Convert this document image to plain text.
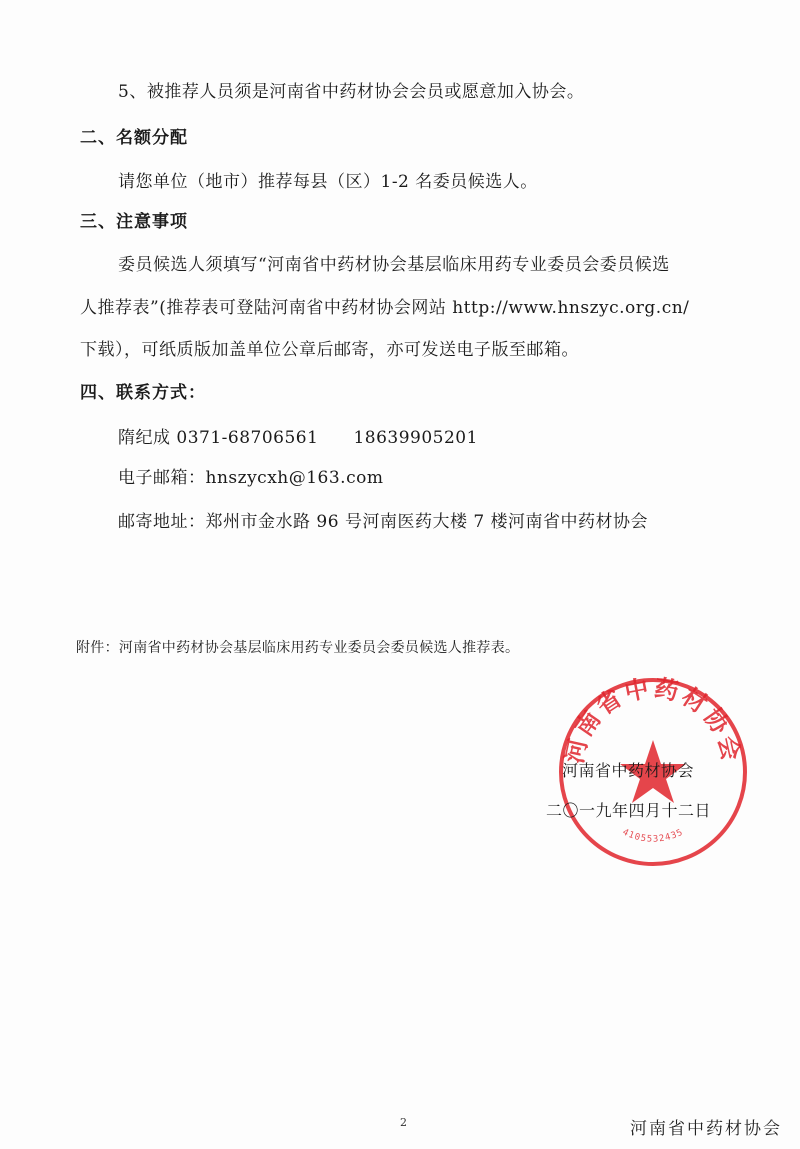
5、被推荐人员须是河南省中药材协会会员或愿意加入协会。
二、名额分配
请您单位（地市）推荐每县（区）1-2 名委员候选人。
三、注意事项
委员候选人须填写“河南省中药材协会基层临床用药专业委员会委员候选
人推荐表”(推荐表可登陆河南省中药材协会网站 http://www.hnszyc.org.cn/
下载），可纸质版加盖单位公章后邮寄，亦可发送电子版至邮箱。
四、联系方式：
隋纪成 0371-68706561　　18639905201
电子邮箱：hnszycxh@163.com
邮寄地址：郑州市金水路 96 号河南医药大楼 7 楼河南省中药材协会
附件：河南省中药材协会基层临床用药专业委员会委员候选人推荐表。
河南省中药材协会
4105532435
河南省中药材协会
二〇一九年四月十二日
2	河南省中药材协会
